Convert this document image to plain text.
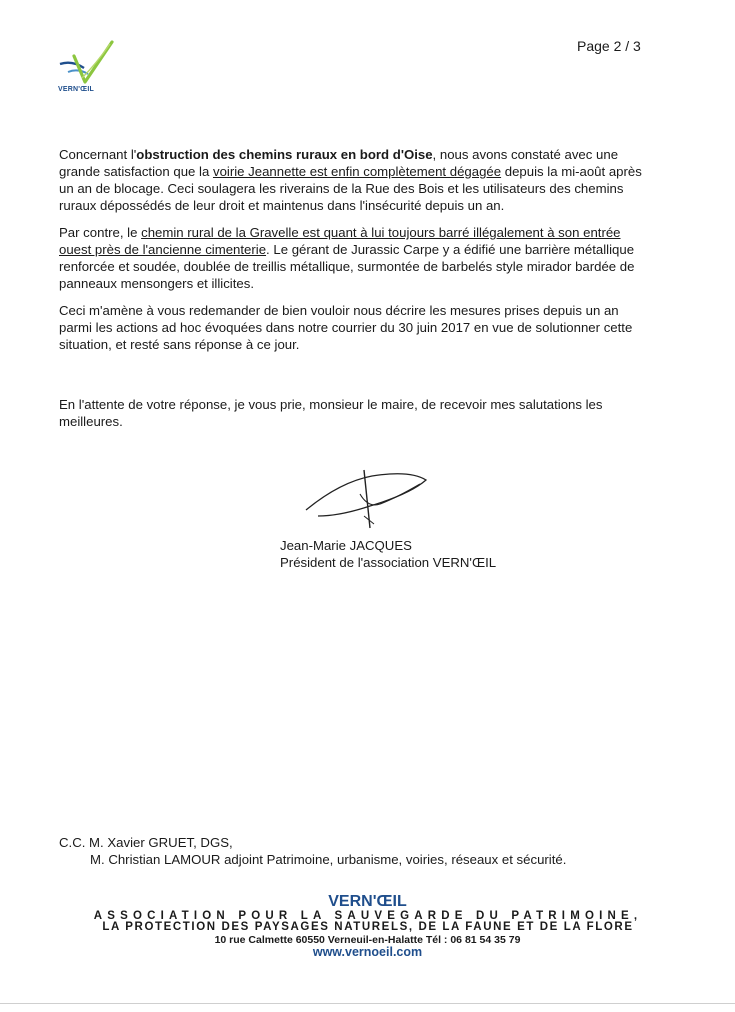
VERN'ŒIL
Page 2 / 3
Concernant l'obstruction des chemins ruraux en bord d'Oise, nous avons constaté avec une grande satisfaction que la voirie Jeannette est enfin complètement dégagée depuis la mi-août après un an de blocage. Ceci soulagera les riverains de la Rue des Bois et les utilisateurs des chemins ruraux dépossédés de leur droit et maintenus dans l'insécurité depuis un an.
Par contre, le chemin rural de la Gravelle est quant à lui toujours barré illégalement à son entrée ouest près de l'ancienne cimenterie. Le gérant de Jurassic Carpe y a édifié une barrière métallique renforcée et soudée, doublée de treillis métallique, surmontée de barbelés style mirador bardée de panneaux mensongers et illicites.
Ceci m'amène à vous redemander de bien vouloir nous décrire les mesures prises depuis un an parmi les actions ad hoc évoquées dans notre courrier du 30 juin 2017 en vue de solutionner cette situation, et resté sans réponse à ce jour.
En l'attente de votre réponse, je vous prie, monsieur le maire, de recevoir mes salutations les meilleures.
Jean-Marie JACQUES
Président de l'association VERN'ŒIL
C.C. M. Xavier GRUET, DGS,
M. Christian LAMOUR adjoint Patrimoine, urbanisme, voiries, réseaux et sécurité.
VERN'ŒIL
ASSOCIATION POUR LA SAUVEGARDE DU PATRIMOINE,
LA PROTECTION DES PAYSAGES NATURELS, DE LA FAUNE ET DE LA FLORE
10 rue Calmette 60550 Verneuil-en-Halatte Tél : 06 81 54 35 79
www.vernoeil.com
